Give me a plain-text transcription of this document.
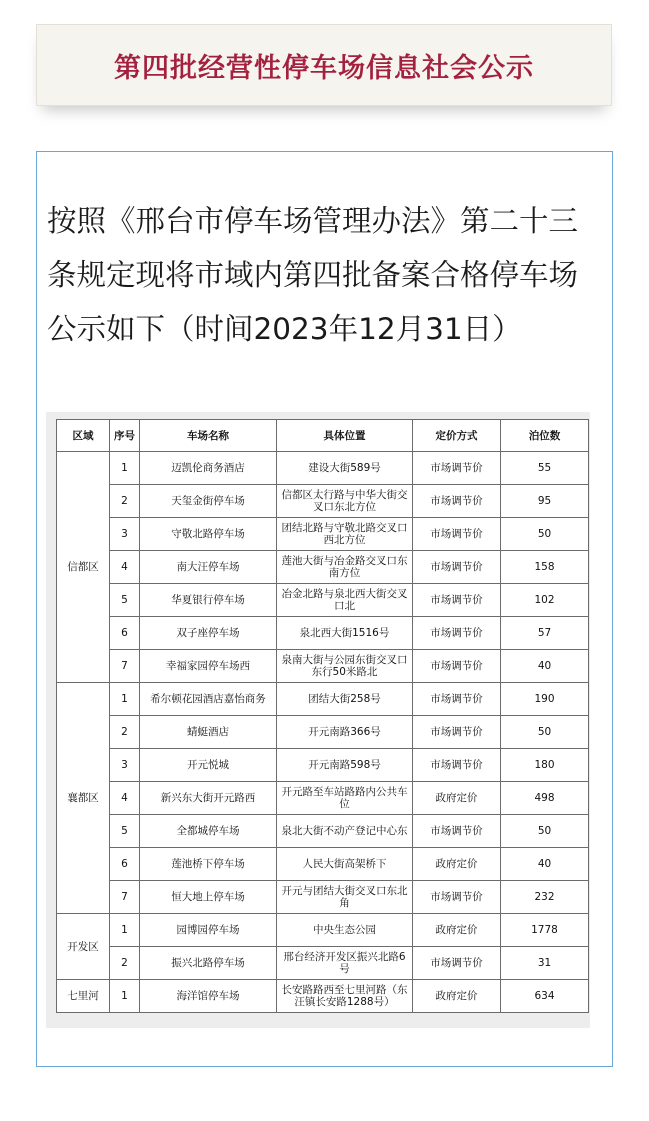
第四批经营性停车场信息社会公示

按照《邢台市停车场管理办法》第二十三条规定现将市域内第四批备案合格停车场公示如下（时间2023年12月31日）

区域	序号	车场名称	具体位置	定价方式	泊位数
信都区	1	迈凯伦商务酒店	建设大街589号	市场调节价	55
	2	天玺金街停车场	信都区太行路与中华大街交叉口东北方位	市场调节价	95
	3	守敬北路停车场	团结北路与守敬北路交叉口西北方位	市场调节价	50
	4	南大汪停车场	莲池大街与冶金路交叉口东南方位	市场调节价	158
	5	华夏银行停车场	冶金北路与泉北西大街交叉口北	市场调节价	102
	6	双子座停车场	泉北西大街1516号	市场调节价	57
	7	幸福家园停车场西	泉南大街与公园东街交叉口东行50米路北	市场调节价	40
襄都区	1	希尔顿花园酒店嘉怡商务	团结大街258号	市场调节价	190
	2	蜻蜓酒店	开元南路366号	市场调节价	50
	3	开元悦城	开元南路598号	市场调节价	180
	4	新兴东大街开元路西	开元路至车站路路内公共车位	政府定价	498
	5	全都城停车场	泉北大街不动产登记中心东	市场调节价	50
	6	莲池桥下停车场	人民大街高架桥下	政府定价	40
	7	恒大地上停车场	开元与团结大街交叉口东北角	市场调节价	232
开发区	1	园博园停车场	中央生态公园	政府定价	1778
	2	振兴北路停车场	邢台经济开发区振兴北路6号	市场调节价	31
七里河	1	海洋馆停车场	长安路路西至七里河路（东汪镇长安路1288号）	政府定价	634
